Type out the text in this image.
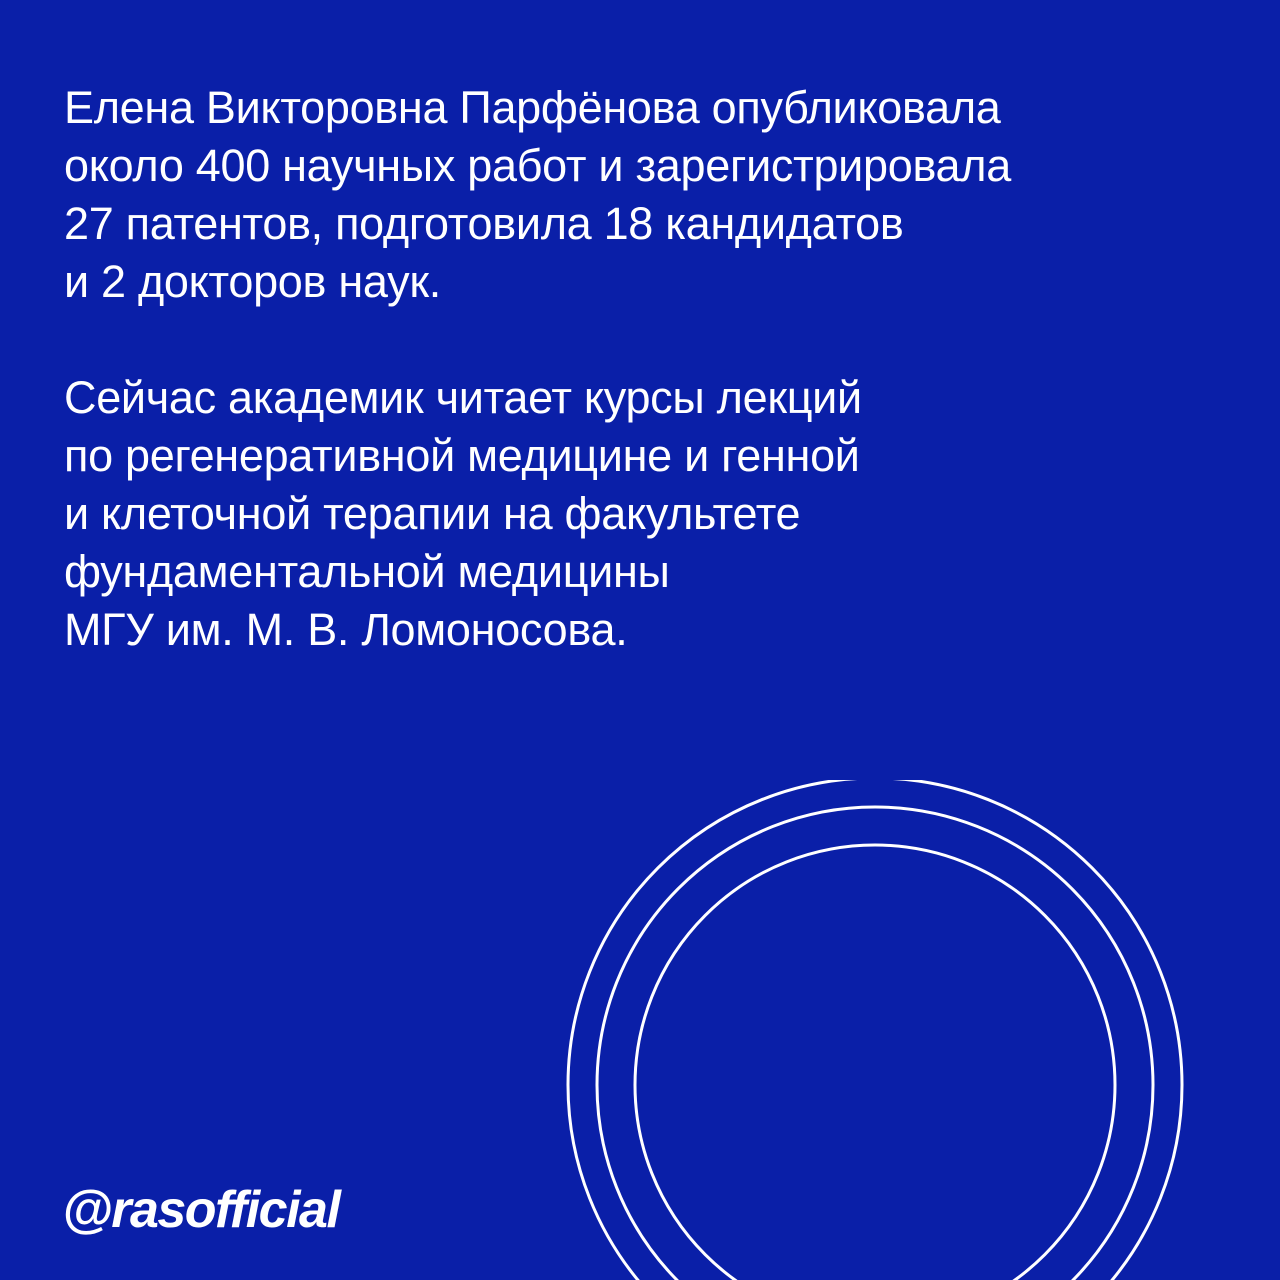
Елена Викторовна Парфёнова опубликовала
около 400 научных работ и зарегистрировала
27 патентов, подготовила 18 кандидатов
и 2 докторов наук.

Сейчас академик читает курсы лекций
по регенеративной медицине и генной
и клеточной терапии на факультете
фундаментальной медицины
МГУ им. М. В. Ломоносова.

@rasofficial
